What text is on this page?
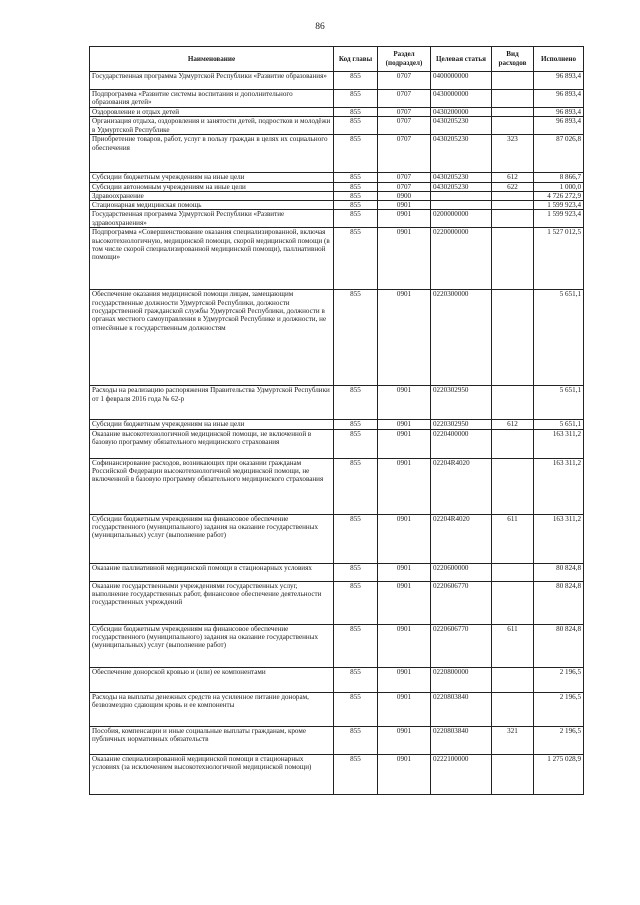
86
Наименование	Код главы	Раздел (подраздел)	Целевая статья	Вид расходов	Исполнено
Государственная программа Удмуртской Республики «Развитие образования»	855	0707	0400000000		96 893,4
Подпрограмма «Развитие системы воспитания и дополнительного образования детей»	855	0707	0430000000		96 893,4
Оздоровление и отдых детей	855	0707	0430200000		96 893,4
Организация отдыха, оздоровления и занятости детей, подростков и молодёжи в Удмуртской Республике	855	0707	0430205230		96 893,4
Приобретение товаров, работ, услуг в пользу граждан в целях их социального обеспечения	855	0707	0430205230	323	87 026,8
Субсидии бюджетным учреждениям на иные цели	855	0707	0430205230	612	8 866,7
Субсидии автономным учреждениям на иные цели	855	0707	0430205230	622	1 000,0
Здравоохранение	855	0900			4 726 272,9
Стационарная медицинская помощь	855	0901			1 599 923,4
Государственная программа Удмуртской Республики «Развитие здравоохранения»	855	0901	0200000000		1 599 923,4
Подпрограмма «Совершенствование оказания специализированной, включая высокотехнологичную, медицинской помощи, скорой медицинской помощи (в том числе скорой специализированной медицинской помощи), паллиативной помощи»	855	0901	0220000000		1 527 012,5
Обеспечение оказания медицинской помощи лицам, замещающим государственные должности Удмуртской Республики, должности государственной гражданской службы Удмуртской Республики, должности в органах местного самоуправления в Удмуртской Республике и должности, не отнесённые к государственным должностям	855	0901	0220300000		5 651,1
Расходы на реализацию распоряжения Правительства Удмуртской Республики от 1 февраля 2016 года № 62-р	855	0901	0220302950		5 651,1
Субсидии бюджетным учреждениям на иные цели	855	0901	0220302950	612	5 651,1
Оказание высокотехнологичной медицинской помощи, не включенной в базовую программу обязательного медицинского страхования	855	0901	0220400000		163 311,2
Софинансирование расходов, возникающих при оказании гражданам Российской Федерации высокотехнологичной медицинской помощи, не включенной в базовую программу обязательного медицинского страхования	855	0901	02204R4020		163 311,2
Субсидии бюджетным учреждениям на финансовое обеспечение государственного (муниципального) задания на оказание государственных (муниципальных) услуг (выполнение работ)	855	0901	02204R4020	611	163 311,2
Оказание паллиативной медицинской помощи в стационарных условиях	855	0901	0220600000		80 824,8
Оказание государственными учреждениями государственных услуг, выполнение государственных работ, финансовое обеспечение деятельности государственных учреждений	855	0901	0220606770		80 824,8
Субсидии бюджетным учреждениям на финансовое обеспечение государственного (муниципального) задания на оказание государственных (муниципальных) услуг (выполнение работ)	855	0901	0220606770	611	80 824,8
Обеспечение донорской кровью и (или) ее компонентами	855	0901	0220800000		2 196,5
Расходы на выплаты денежных средств на усиленное питание донорам, безвозмездно сдающим кровь и ее компоненты	855	0901	0220803840		2 196,5
Пособия, компенсации и иные социальные выплаты гражданам, кроме публичных нормативных обязательств	855	0901	0220803840	321	2 196,5
Оказание специализированной медицинской помощи в стационарных условиях (за исключением высокотехнологичной медицинской помощи)	855	0901	0222100000		1 275 028,9
